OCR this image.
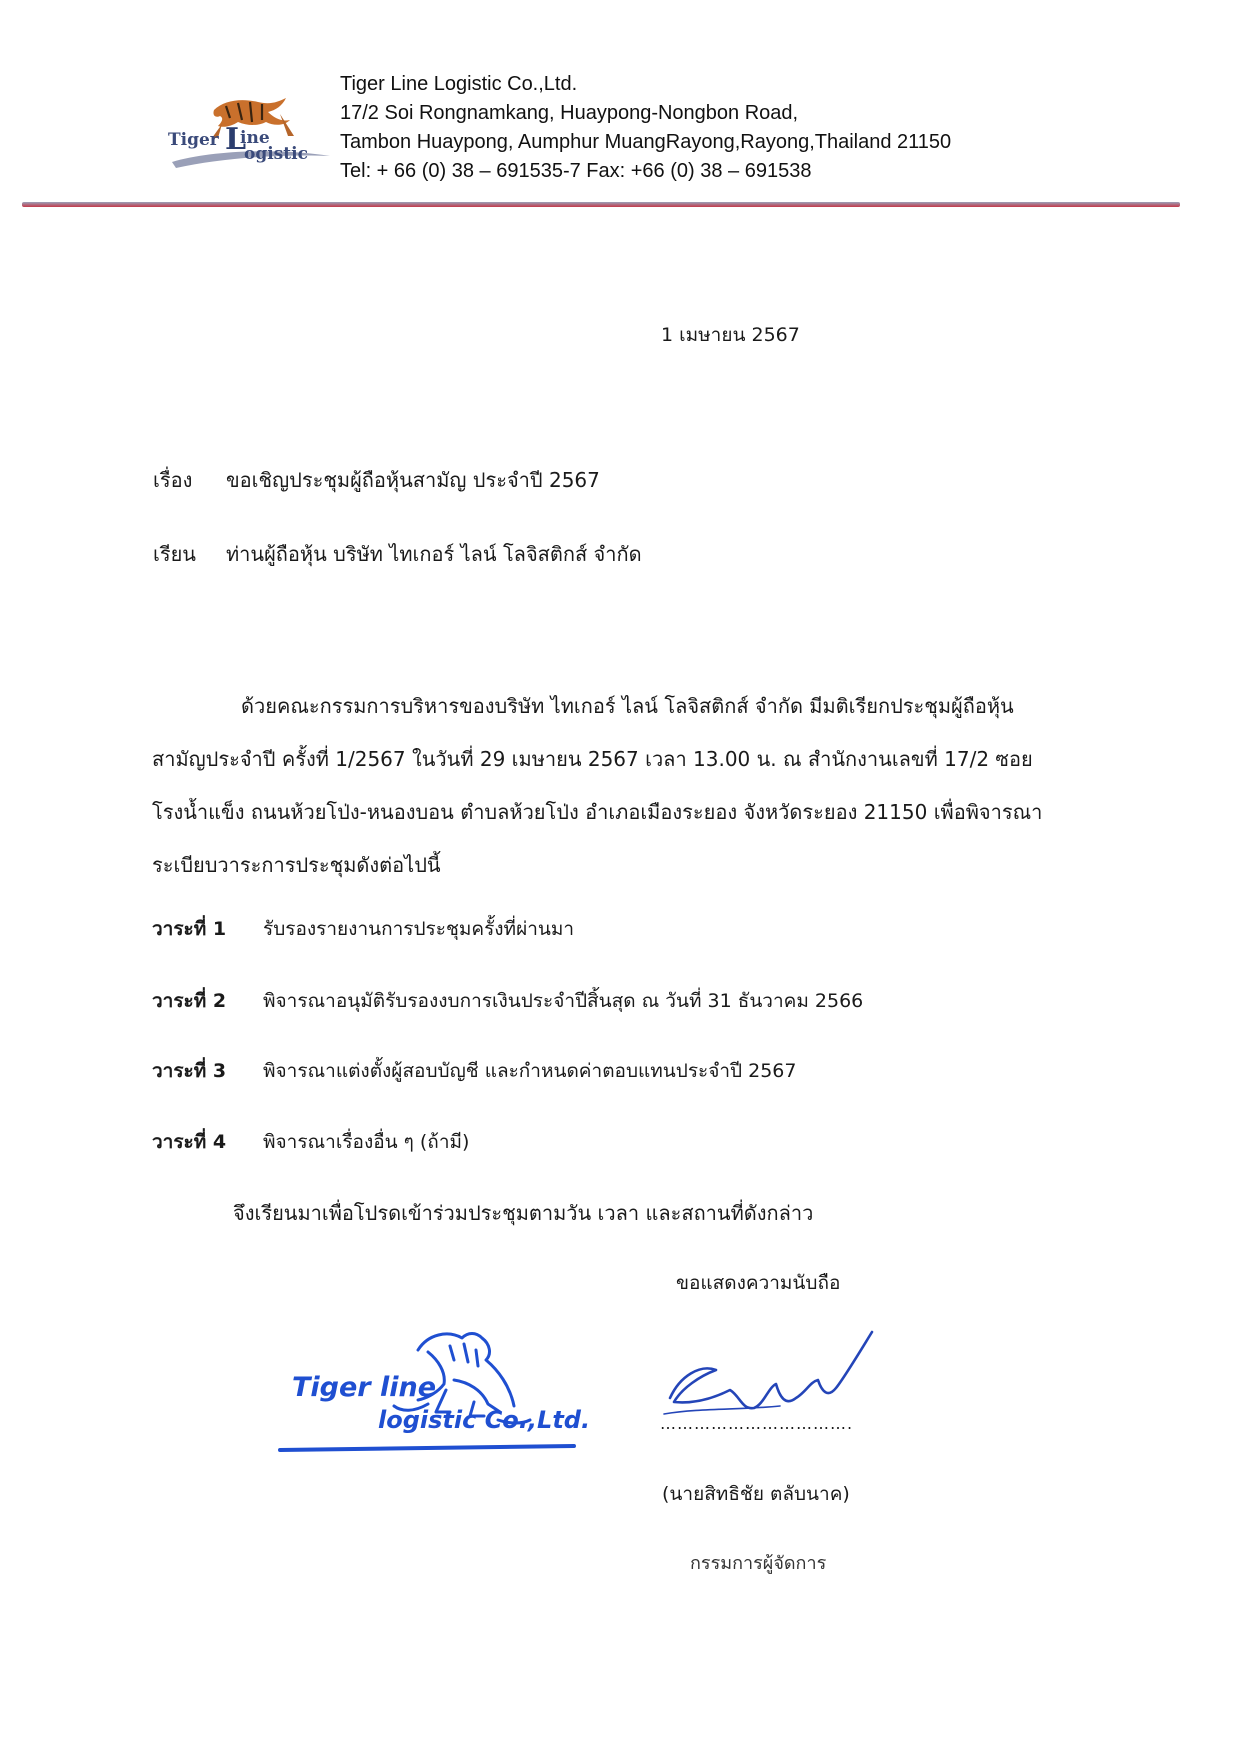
Tiger L
ine
ogistic
Tiger Line Logistic Co.,Ltd.
17/2 Soi Rongnamkang, Huaypong-Nongbon Road,
Tambon Huaypong, Aumphur MuangRayong,Rayong,Thailand 21150
Tel: + 66 (0) 38 – 691535-7 Fax: +66 (0) 38 – 691538
1 เมษายน 2567
เรื่อง ขอเชิญประชุมผู้ถือหุ้นสามัญ ประจำปี 2567
เรียน ท่านผู้ถือหุ้น บริษัท ไทเกอร์ ไลน์ โลจิสติกส์ จำกัด
ด้วยคณะกรรมการบริหารของบริษัท ไทเกอร์ ไลน์ โลจิสติกส์ จำกัด มีมติเรียกประชุมผู้ถือหุ้น
สามัญประจำปี ครั้งที่ 1/2567 ในวันที่ 29 เมษายน 2567 เวลา 13.00 น. ณ สำนักงานเลขที่ 17/2 ซอย
โรงน้ำแข็ง ถนนห้วยโป่ง-หนองบอน ตำบลห้วยโป่ง อำเภอเมืองระยอง จังหวัดระยอง 21150 เพื่อพิจารณา
ระเบียบวาระการประชุมดังต่อไปนี้
วาระที่ 1 รับรองรายงานการประชุมครั้งที่ผ่านมา
วาระที่ 2 พิจารณาอนุมัติรับรองงบการเงินประจำปีสิ้นสุด ณ วันที่ 31 ธันวาคม 2566
วาระที่ 3 พิจารณาแต่งตั้งผู้สอบบัญชี และกำหนดค่าตอบแทนประจำปี 2567
วาระที่ 4 พิจารณาเรื่องอื่น ๆ (ถ้ามี)
จึงเรียนมาเพื่อโปรดเข้าร่วมประชุมตามวัน เวลา และสถานที่ดังกล่าว
ขอแสดงความนับถือ
Tiger line
logistic Co.,Ltd.	…………………………….
(นายสิทธิชัย ตลับนาค)
กรรมการผู้จัดการ
